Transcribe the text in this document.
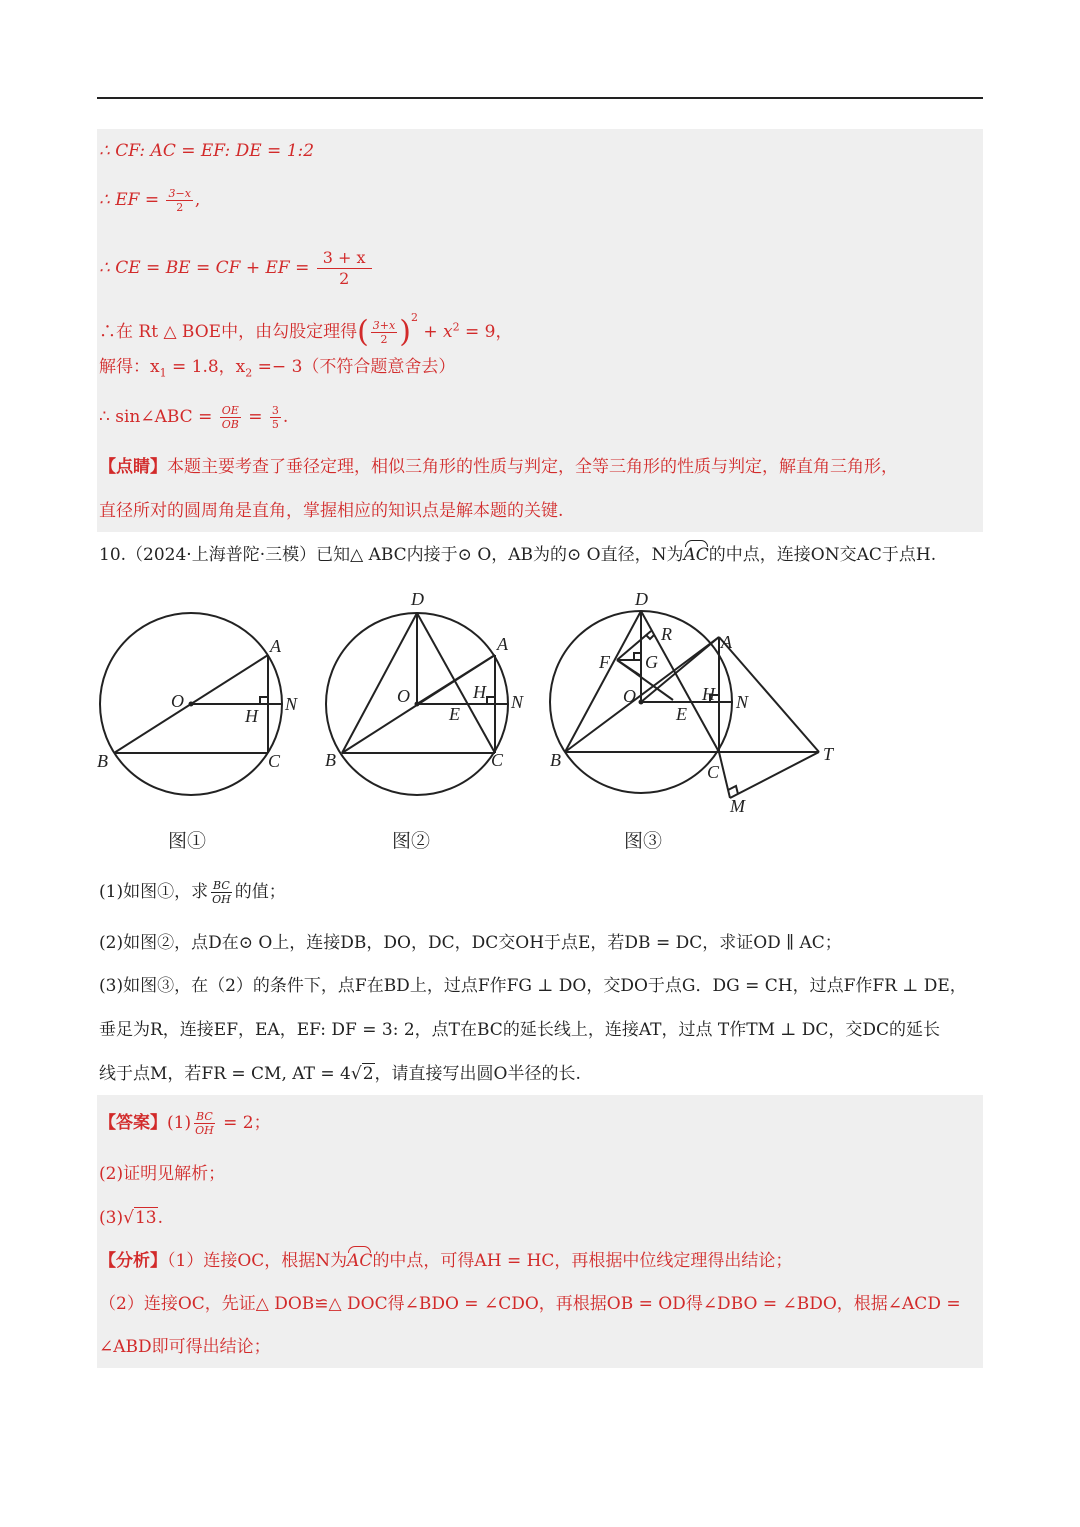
∴ CF: AC = EF: DE = 1:2
∴ EF = $\frac{3-x}{2}$ ,
∴ CE = BE = CF + EF = $\frac{3 + x}{2}$
∴在 Rt △ BOE中，由勾股定理得( $\frac{3+x}{2} )^2 + x^2 = 9$，
解得：$x_1 = 1.8$，$x_2 =- 3$（不符合题意舍去）
∴ sin∠ABC = $\frac{OE}{OB} = \frac{3}{5}$ .
【点睛】本题主要考查了垂径定理，相似三角形的性质与判定，全等三角形的性质与判定，解直角三角形，
直径所对的圆周角是直角，掌握相应的知识点是解本题的关键.
10.（2024·上海普陀·三模）已知△ ABC内接于⊙ O，AB为的⊙ O直径，N为AC的中点，连接ON交AC于点H.
O
A
N
H
B	C
图①
D
A
O	H N
E
B	C
图②
D
R
F G
A
O	H N
E
B
C
T
M
图③
(1)如图①，求 $\frac{BC}{OH}$ 的值；
(2)如图②，点D在⊙ O上，连接DB，DO，DC，DC交OH于点E，若DB = DC，求证OD ∥ AC；
(3)如图③，在（2）的条件下，点F在BD上，过点F作FG ⊥ DO，交DO于点G．DG = CH，过点F作FR ⊥ DE，
垂足为R，连接EF，EA，EF: DF = 3: 2，点T在BC的延长线上，连接AT，过点 T作TM ⊥ DC，交DC的延长
线于点M，若FR = CM, AT = 4√2，请直接写出圆O半径的长.
【答案】$(1) \frac{BC}{OH} = 2$；
(2)证明见解析；
(3)√13.
【分析】（1）连接OC，根据N为AC的中点，可得AH = HC，再根据中位线定理得出结论；
（2）连接OC，先证△ DOB≌△ DOC得∠BDO = ∠CDO，再根据OB = OD得∠DBO = ∠BDO，根据∠ACD =
∠ABD即可得出结论；
